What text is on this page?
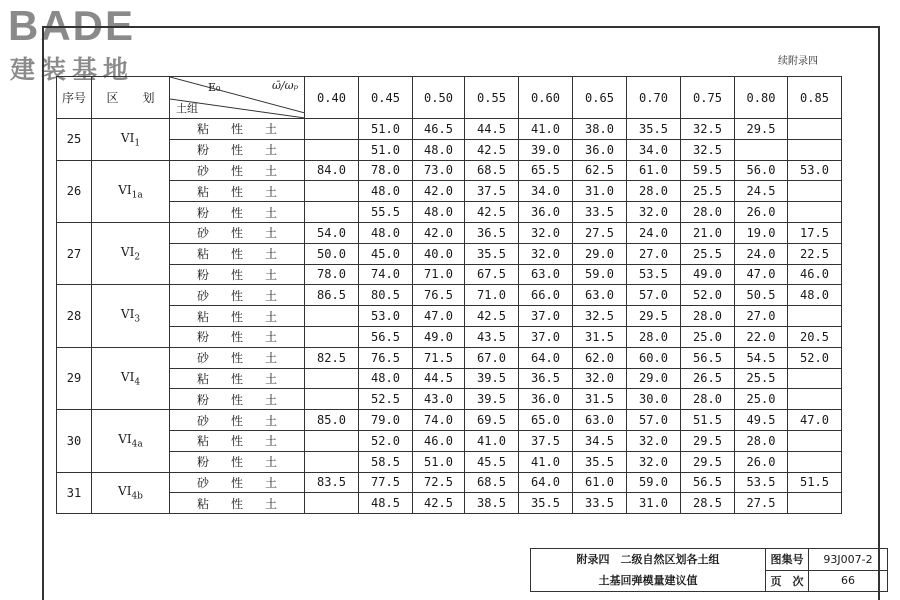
BADE
建装基地	续附录四
序号	区　　划	E₀ ω̄/ωₚ
土组	0.40	0.45	0.50	0.55	0.60	0.65	0.70	0.75	0.80	0.85
25	$VI_1$	粘 性 土		51.0	46.5	44.5	41.0	38.0	35.5	32.5	29.5	
		粉 性 土		51.0	48.0	42.5	39.0	36.0	34.0	32.5		
26	$VI_{1a}$	砂 性 土	84.0	78.0	73.0	68.5	65.5	62.5	61.0	59.5	56.0	53.0
		粘 性 土		48.0	42.0	37.5	34.0	31.0	28.0	25.5	24.5	
		粉 性 土		55.5	48.0	42.5	36.0	33.5	32.0	28.0	26.0	
27	$VI_2$	砂 性 土	54.0	48.0	42.0	36.5	32.0	27.5	24.0	21.0	19.0	17.5
		粘 性 土	50.0	45.0	40.0	35.5	32.0	29.0	27.0	25.5	24.0	22.5
		粉 性 土	78.0	74.0	71.0	67.5	63.0	59.0	53.5	49.0	47.0	46.0
28	$VI_3$	砂 性 土	86.5	80.5	76.5	71.0	66.0	63.0	57.0	52.0	50.5	48.0
		粘 性 土		53.0	47.0	42.5	37.0	32.5	29.5	28.0	27.0	
		粉 性 土		56.5	49.0	43.5	37.0	31.5	28.0	25.0	22.0	20.5
29	$VI_4$	砂 性 土	82.5	76.5	71.5	67.0	64.0	62.0	60.0	56.5	54.5	52.0
		粘 性 土		48.0	44.5	39.5	36.5	32.0	29.0	26.5	25.5	
		粉 性 土		52.5	43.0	39.5	36.0	31.5	30.0	28.0	25.0	
30	$VI_{4a}$	砂 性 土	85.0	79.0	74.0	69.5	65.0	63.0	57.0	51.5	49.5	47.0
		粘 性 土		52.0	46.0	41.0	37.5	34.5	32.0	29.5	28.0	
		粉 性 土		58.5	51.0	45.5	41.0	35.5	32.0	29.5	26.0	
31	$VI_{4b}$	砂 性 土	83.5	77.5	72.5	68.5	64.0	61.0	59.0	56.5	53.5	51.5
		粘 性 土		48.5	42.5	38.5	35.5	33.5	31.0	28.5	27.5	
附录四　二级自然区划各土组
土基回弹模量建议值	图集号	93J007-2
	页　次	66
